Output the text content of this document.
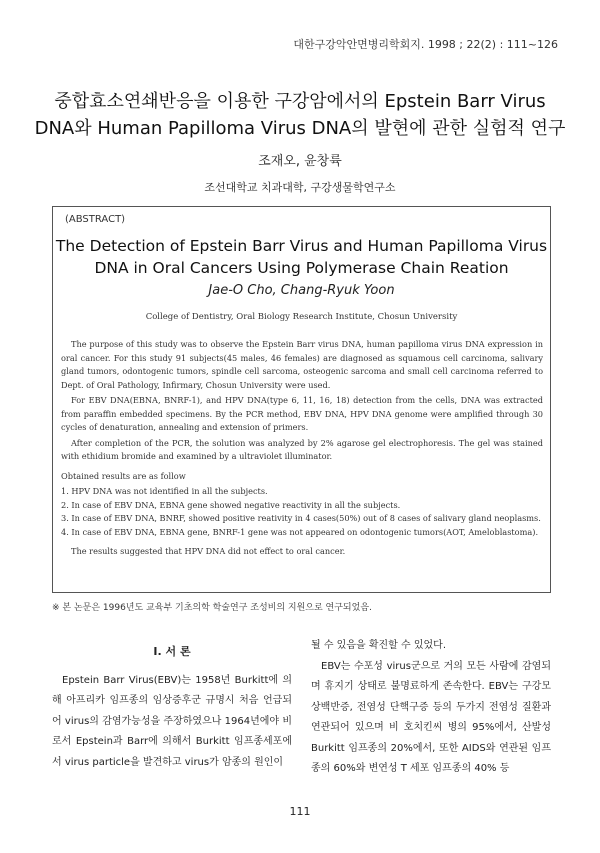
대한구강악안면병리학회지. 1998 ; 22(2) : 111~126
중합효소연쇄반응을 이용한 구강암에서의 Epstein Barr Virus
DNA와 Human Papilloma Virus DNA의 발현에 관한 실험적 연구
조재오, 윤창륙
조선대학교 치과대학, 구강생물학연구소
(ABSTRACT)
The Detection of Epstein Barr Virus and Human Papilloma Virus
DNA in Oral Cancers Using Polymerase Chain Reation
Jae-O Cho, Chang-Ryuk Yoon
College of Dentistry, Oral Biology Research Institute, Chosun University

The purpose of this study was to observe the Epstein Barr virus DNA, human papilloma virus DNA expression in oral cancer. For this study 91 subjects(45 males, 46 females) are diagnosed as squamous cell carcinoma, salivary gland tumors, odontogenic tumors, spindle cell sarcoma, osteogenic sarcoma and small cell carcinoma referred to Dept. of Oral Pathology, Infirmary, Chosun University were used.

For EBV DNA(EBNA, BNRF-1), and HPV DNA(type 6, 11, 16, 18) detection from the cells, DNA was extracted from paraffin embedded specimens. By the PCR method, EBV DNA, HPV DNA genome were amplified through 30 cycles of denaturation, annealing and extension of primers.

After completion of the PCR, the solution was analyzed by 2% agarose gel electrophoresis. The gel was stained with ethidium bromide and examined by a ultraviolet illuminator.

Obtained results are as follow

1. HPV DNA was not identified in all the subjects.
2. In case of EBV DNA, EBNA gene showed negative reactivity in all the subjects.
3. In case of EBV DNA, BNRF, showed positive reativity in 4 cases(50%) out of 8 cases of salivary gland neoplasms.
4. In case of EBV DNA, EBNA gene, BNRF-1 gene was not appeared on odontogenic tumors(AOT, Ameloblastoma).

The results suggested that HPV DNA did not effect to oral cancer.

※ 본 논문은 1996년도 교육부 기초의학 학술연구 조성비의 지원으로 연구되었음.
I. 서 론

Epstein Barr Virus(EBV)는 1958년 Burkitt에 의해 아프리카 임프종의 임상증후군 규명시 처음 언급되어 virus의 감염가능성을 주장하였으나 1964년에야 비로서 Epstein과 Barr에 의해서 Burkitt 임프종세포에서 virus particle을 발견하고 virus가 암종의 원인이

될 수 있음을 확진할 수 있었다.

EBV는 수포성 virus군으로 거의 모든 사람에 감염되며 휴지기 상태로 불명료하게 존속한다. EBV는 구강모상백반증, 전염성 단핵구증 등의 두가지 전염성 질환과 연관되어 있으며 비 호치킨씨 병의 95%에서, 산발성 Burkitt 임프종의 20%에서, 또한 AIDS와 연관된 임프종의 60%와 변연성 T 세포 임프종의 40% 등

111
